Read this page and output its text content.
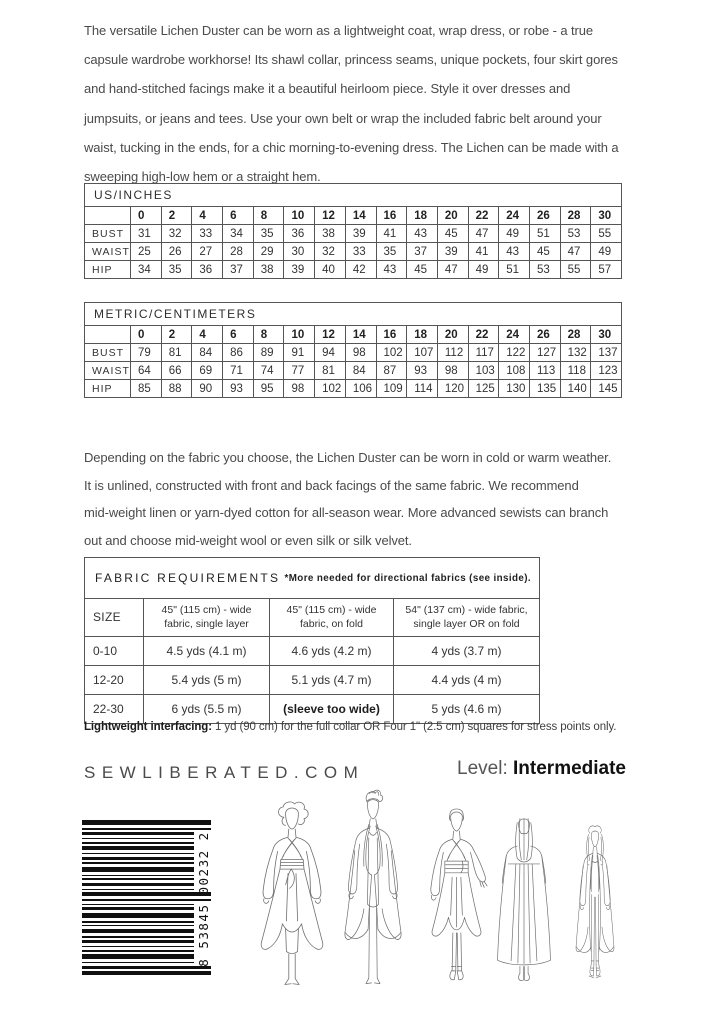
The versatile Lichen Duster can be worn as a lightweight coat, wrap dress, or robe - a true
capsule wardrobe workhorse! Its shawl collar, princess seams, unique pockets, four skirt gores
and hand-stitched facings make it a beautiful heirloom piece. Style it over dresses and
jumpsuits, or jeans and tees. Use your own belt or wrap the included fabric belt around your
waist, tucking in the ends, for a chic morning-to-evening dress. The Lichen can be made with a
sweeping high-low hem or a straight hem.
US/INCHES																
	0	2	4	6	8	10	12	14	16	18	20	22	24	26	28	30
BUST	31	32	33	34	35	36	38	39	41	43	45	47	49	51	53	55
WAIST	25	26	27	28	29	30	32	33	35	37	39	41	43	45	47	49
HIP	34	35	36	37	38	39	40	42	43	45	47	49	51	53	55	57
METRIC/CENTIMETERS																
	0	2	4	6	8	10	12	14	16	18	20	22	24	26	28	30
BUST	79	81	84	86	89	91	94	98	102	107	112	117	122	127	132	137
WAIST	64	66	69	71	74	77	81	84	87	93	98	103	108	113	118	123
HIP	85	88	90	93	95	98	102	106	109	114	120	125	130	135	140	145
Depending on the fabric you choose, the Lichen Duster can be worn in cold or warm weather.
It is unlined, constructed with front and back facings of the same fabric. We recommend
mid-weight linen or yarn-dyed cotton for all-season wear. More advanced sewists can branch
out and choose mid-weight wool or even silk or silk velvet.
FABRIC REQUIREMENTS *More needed for directional fabrics (see inside).			

SIZE	45" (115 cm) - wide fabric, single layer	45" (115 cm) - wide fabric, on fold	54" (137 cm) - wide fabric, single layer OR on fold
0-10	4.5 yds (4.1 m)	4.6 yds (4.2 m)	4 yds (3.7 m)
12-20	5.4 yds (5 m)	5.1 yds (4.7 m)	4.4 yds (4 m)
22-30	6 yds (5.5 m)	(sleeve too wide)	5 yds (4.6 m)
Lightweight interfacing: 1 yd (90 cm) for the full collar OR Four 1" (2.5 cm) squares for stress points only.
SEWLIBERATED.COM	Level: Intermediate
8 53845 00232 2
